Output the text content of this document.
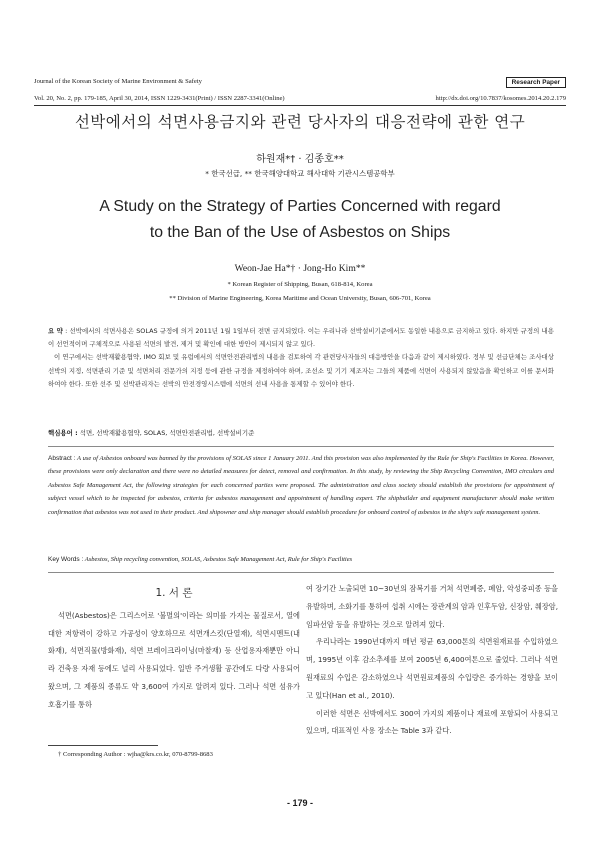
Journal of the Korean Society of Marine Environment & Safety
Vol. 20, No. 2, pp. 179-185, April 30, 2014, ISSN 1229-3431(Print) / ISSN 2287-3341(Online)
Research Paper
http://dx.doi.org/10.7837/kosomes.2014.20.2.179
선박에서의 석면사용금지와 관련 당사자의 대응전략에 관한 연구
하원재*† · 김종호**
* 한국선급, ** 한국해양대학교 해사대학 기관시스템공학부
A Study on the Strategy of Parties Concerned with regard
to the Ban of the Use of Asbestos on Ships
Weon-Jae Ha*† · Jong-Ho Kim**
* Korean Register of Shipping, Busan, 618-814, Korea
** Division of Marine Engineering, Korea Maritime and Ocean University, Busan, 606-701, Korea

요 약 : 선박에서의 석면사용은 SOLAS 규정에 의거 2011년 1월 1일부터 전면 금지되었다. 이는 우리나라 선박설비기준에서도 동일한 내용으로 금지하고 있다. 하지만 규정의 내용이 선언적이며 구체적으로 사용된 석면의 발견, 제거 및 확인에 대한 방안이 제시되지 않고 있다.

이 연구에서는 선박재활용협약, IMO 회보 및 유럽에서의 석면안전관리법의 내용을 검토하여 각 관련당사자들의 대응방안을 다음과 같이 제시하였다. 정부 및 선급단체는 조사대상 선박의 지정, 석면관리 기준 및 석면처리 전문가의 지정 등에 관한 규정을 제정하여야 하며, 조선소 및 기기 제조자는 그들의 제품에 석면이 사용되지 않았음을 확인하고 이를 문서화하여야 한다. 또한 선주 및 선박관리자는 선박의 안전경영시스템에 석면의 선내 사용을 통제할 수 있어야 한다.

핵심용어 : 석면, 선박재활용협약, SOLAS, 석면안전관리법, 선박설비기준
Abstract : A use of Asbestos onboard was banned by the provisions of SOLAS since 1 January 2011. And this provision was also implemented by the Rule for Ship's Facilities in Korea. However, these provisions were only declaration and there were no detailed measures for detect, removal and confirmation. In this study, by reviewing the Ship Recycling Convention, IMO circulars and Asbestos Safe Management Act, the following strategies for each concerned parties were proposed. The administration and class society should establish the provisions for appointment of subject vessel which to be inspected for asbestos, criteria for asbestos management and appointment of handling expert. The shipbuilder and equipment manufacturer should make written confirmation that asbestos was not used in their product. And shipowner and ship manager should establish procedure for onboard control of asbestos in the ship's safe management system.
Key Words : Asbestos, Ship recycling convention, SOLAS, Asbestos Safe Management Act, Rule for Ship's Facilities
1. 서 론

석면(Asbestos)은 그리스어로 '불멸의'이라는 의미를 가지는 물질로서, 열에 대한 저항력이 강하고 가공성이 양호하므로 석면개스킷(단열재), 석면시멘트(내화재), 석면직물(방화재), 석면 브레이크라이닝(마찰재) 등 산업용자재뿐만 아니라 건축용 자재 등에도 널리 사용되었다. 일반 주거생활 공간에도 다량 사용되어 왔으며, 그 제품의 종류도 약 3,600여 가지로 알려져 있다. 그러나 석면 섬유가 호흡기를 통하

여 장기간 노출되면 10~30년의 잠복기를 거쳐 석면폐증, 폐암, 악성중피종 등을 유발하며, 소화기를 통하여 섭취 시에는 장관계의 암과 인후두암, 신장암, 췌장암, 임파선암 등을 유발하는 것으로 알려져 있다.

우리나라는 1990년대까지 매년 평균 63,000톤의 석면원재료를 수입하였으며, 1995년 이후 감소추세를 보여 2005년 6,400여톤으로 줄었다. 그러나 석면원재료의 수입은 감소하였으나 석면원료제품의 수입량은 증가하는 경향을 보이고 있다(Han et al., 2010).

이러한 석면은 선박에서도 300여 가지의 제품이나 재료에 포함되어 사용되고 있으며, 대표적인 사용 장소는 Table 3과 같다.

† Corresponding Author : wjha@krs.co.kr, 070-8799-8683
- 179 -
